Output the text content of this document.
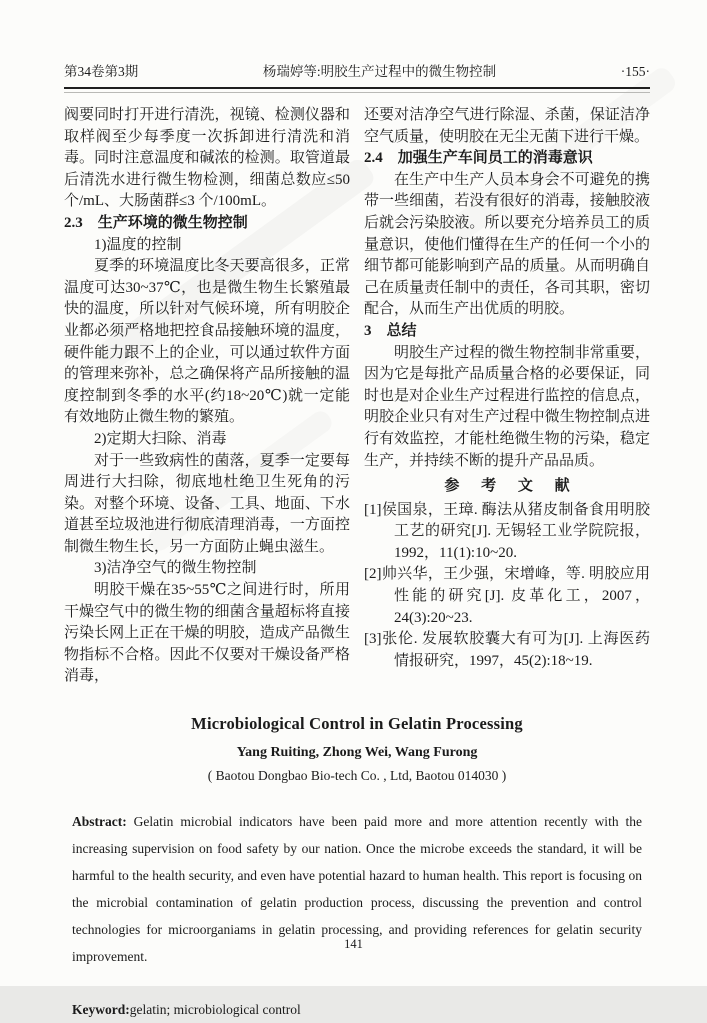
第34卷第3期	杨瑞婷等:明胶生产过程中的微生物控制	·155·

阀要同时打开进行清洗，视镜、检测仪器和取样阀至少每季度一次拆卸进行清洗和消毒。同时注意温度和碱浓的检测。取管道最后清洗水进行微生物检测，细菌总数应≤50 个/mL、大肠菌群≤3 个/100mL。

2.3　生产环境的微生物控制

1)温度的控制

夏季的环境温度比冬天要高很多，正常温度可达30~37℃，也是微生物生长繁殖最快的温度，所以针对气候环境，所有明胶企业都必须严格地把控食品接触环境的温度，硬件能力跟不上的企业，可以通过软件方面的管理来弥补，总之确保将产品所接触的温度控制到冬季的水平(约18~20℃)就一定能有效地防止微生物的繁殖。

2)定期大扫除、消毒

对于一些致病性的菌落，夏季一定要每周进行大扫除，彻底地杜绝卫生死角的污染。对整个环境、设备、工具、地面、下水道甚至垃圾池进行彻底清理消毒，一方面控制微生物生长，另一方面防止蝇虫滋生。

3)洁净空气的微生物控制

明胶干燥在35~55℃之间进行时，所用干燥空气中的微生物的细菌含量超标将直接污染长网上正在干燥的明胶，造成产品微生物指标不合格。因此不仅要对干燥设备严格消毒，

还要对洁净空气进行除湿、杀菌，保证洁净空气质量，使明胶在无尘无菌下进行干燥。

2.4　加强生产车间员工的消毒意识

在生产中生产人员本身会不可避免的携带一些细菌，若没有很好的消毒，接触胶液后就会污染胶液。所以要充分培养员工的质量意识，使他们懂得在生产的任何一个小的细节都可能影响到产品的质量。从而明确自己在质量责任制中的责任，各司其职，密切配合，从而生产出优质的明胶。

3　总结

明胶生产过程的微生物控制非常重要，因为它是每批产品质量合格的必要保证，同时也是对企业生产过程进行监控的信息点，明胶企业只有对生产过程中微生物控制点进行有效监控，才能杜绝微生物的污染，稳定生产，并持续不断的提升产品品质。

参 考 文 献

[1]侯国泉，王璋. 酶法从猪皮制备食用明胶工艺的研究[J]. 无锡轻工业学院院报，1992，11(1):10~20.

[2]帅兴华，王少强，宋增峰，等. 明胶应用性能的研究[J]. 皮革化工，2007，24(3):20~23.

[3]张伦. 发展软胶囊大有可为[J]. 上海医药情报研究，1997，45(2):18~19.

Microbiological Control in Gelatin Processing

Yang Ruiting, Zhong Wei, Wang Furong

( Baotou Dongbao Bio-tech Co. , Ltd, Baotou 014030 )

Abstract: Gelatin microbial indicators have been paid more and more attention recently with the increasing supervision on food safety by our nation. Once the microbe exceeds the standard, it will be harmful to the health security, and even have potential hazard to human health. This report is focusing on the microbial contamination of gelatin production process, discussing the prevention and control technologies for microorganiams in gelatin processing, and providing references for gelatin security improvement.

Keyword:gelatin; microbiological control

141
